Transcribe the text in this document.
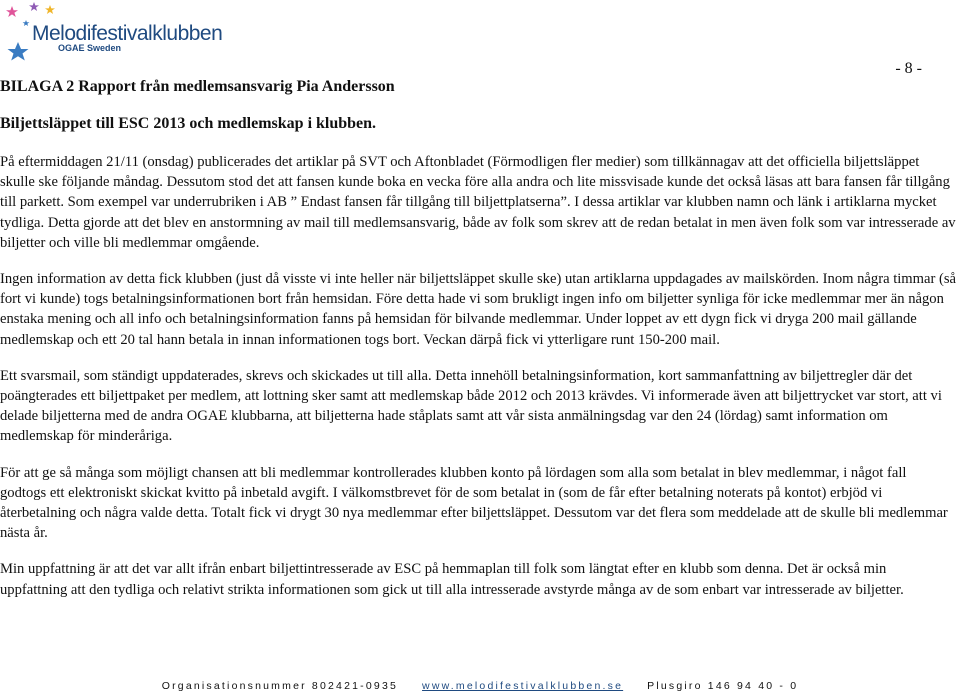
Melodifestivalklubben
OGAE Sweden
- 8 -
BILAGA 2 Rapport från medlemsansvarig Pia Andersson
Biljettsläppet till ESC 2013 och medlemskap i klubben.

På eftermiddagen 21/11 (onsdag) publicerades det artiklar på SVT och Aftonbladet (Förmodligen fler medier) som tillkännagav att det officiella biljettsläppet skulle ske följande måndag. Dessutom stod det att fansen kunde boka en vecka före alla andra och lite missvisade kunde det också läsas att bara fansen får tillgång till parkett. Som exempel var underrubriken i AB ” Endast fansen får tillgång till biljettplatserna”. I dessa artiklar var klubben namn och länk i artiklarna mycket tydliga. Detta gjorde att det blev en anstormning av mail till medlemsansvarig, både av folk som skrev att de redan betalat in men även folk som var intresserade av biljetter och ville bli medlemmar omgående.

Ingen information av detta fick klubben (just då visste vi inte heller när biljettsläppet skulle ske) utan artiklarna uppdagades av mailskörden. Inom några timmar (så fort vi kunde) togs betalningsinformationen bort från hemsidan. Före detta hade vi som brukligt ingen info om biljetter synliga för icke medlemmar mer än någon enstaka mening och all info och betalningsinformation fanns på hemsidan för bilvande medlemmar. Under loppet av ett dygn fick vi dryga 200 mail gällande medlemskap och ett 20 tal hann betala in innan informationen togs bort. Veckan därpå fick vi ytterligare runt 150-200 mail.

Ett svarsmail, som ständigt uppdaterades, skrevs och skickades ut till alla. Detta innehöll betalningsinformation, kort sammanfattning av biljettregler där det poängterades ett biljettpaket per medlem, att lottning sker samt att medlemskap både 2012 och 2013 krävdes. Vi informerade även att biljettrycket var stort, att vi delade biljetterna med de andra OGAE klubbarna, att biljetterna hade ståplats samt att vår sista anmälningsdag var den 24 (lördag) samt information om medlemskap för minderåriga.

För att ge så många som möjligt chansen att bli medlemmar kontrollerades klubben konto på lördagen som alla som betalat in blev medlemmar, i något fall godtogs ett elektroniskt skickat kvitto på inbetald avgift. I välkomstbrevet för de som betalat in (som de får efter betalning noterats på kontot) erbjöd vi återbetalning och några valde detta. Totalt fick vi drygt 30 nya medlemmar efter biljettsläppet. Dessutom var det flera som meddelade att de skulle bli medlemmar nästa år.

Min uppfattning är att det var allt ifrån enbart biljettintresserade av ESC på hemmaplan till folk som längtat efter en klubb som denna. Det är också min uppfattning att den tydliga och relativt strikta informationen som gick ut till alla intresserade avstyrde många av de som enbart var intresserade av biljetter.

Organisationsnummer 802421-0935 www.melodifestivalklubben.se Plusgiro 146 94 40 - 0
